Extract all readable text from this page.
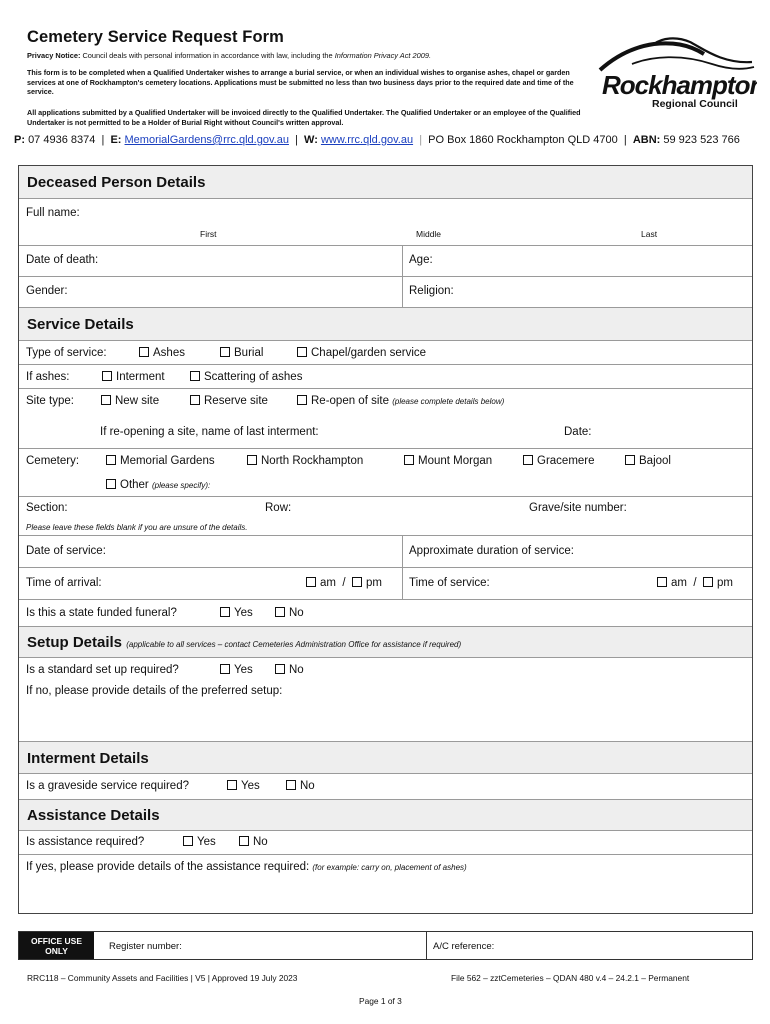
Cemetery Service Request Form
Privacy Notice: Council deals with personal information in accordance with law, including the Information Privacy Act 2009.
This form is to be completed when a Qualified Undertaker wishes to arrange a burial service, or when an individual wishes to organise ashes, chapel or garden services at one of Rockhampton's cemetery locations. Applications must be submitted no less than two business days prior to the required date and time of the service.
All applications submitted by a Qualified Undertaker will be invoiced directly to the Qualified Undertaker. The Qualified Undertaker or an employee of the Qualified Undertaker is not permitted to be a Holder of Burial Right without Council's written approval.
Rockhampton
Regional Council
P: 07 4936 8374  |  E: MemorialGardens@rrc.qld.gov.au  |  W: www.rrc.qld.gov.au | PO Box 1860 Rockhampton QLD 4700  |  ABN: 59 923 523 766
Deceased Person Details
Full name:
First	Middle	Last
Date of death:	Age:
Gender:	Religion:
Service Details
Type of service:	Ashes	Burial	Chapel/garden service
If ashes:	Interment	Scattering of ashes
Site type:	New site	Reserve site	Re-open of site (please complete details below)
If re-opening a site, name of last interment:	Date:
Cemetery:	Memorial Gardens	North Rockhampton	Mount Morgan	Gracemere	Bajool
Other (please specify):
Section:	Row:	Grave/site number:
Please leave these fields blank if you are unsure of the details.
Date of service:	Approximate duration of service:
Time of arrival:	am / pm Time of service:	am / pm
Is this a state funded funeral?	Yes	No
Setup Details (applicable to all services – contact Cemeteries Administration Office for assistance if required)
Is a standard set up required?	Yes	No
If no, please provide details of the preferred setup:
Interment Details
Is a graveside service required?	Yes	No
Assistance Details
Is assistance required?	Yes	No
If yes, please provide details of the assistance required: (for example: carry on, placement of ashes)
OFFICE USE
ONLY	Register number:	A/C reference:
RRC118 – Community Assets and Facilities | V5 | Approved 19 July 2023	File 562 – zztCemeteries – QDAN 480 v.4 – 24.2.1 – Permanent
Page 1 of 3
